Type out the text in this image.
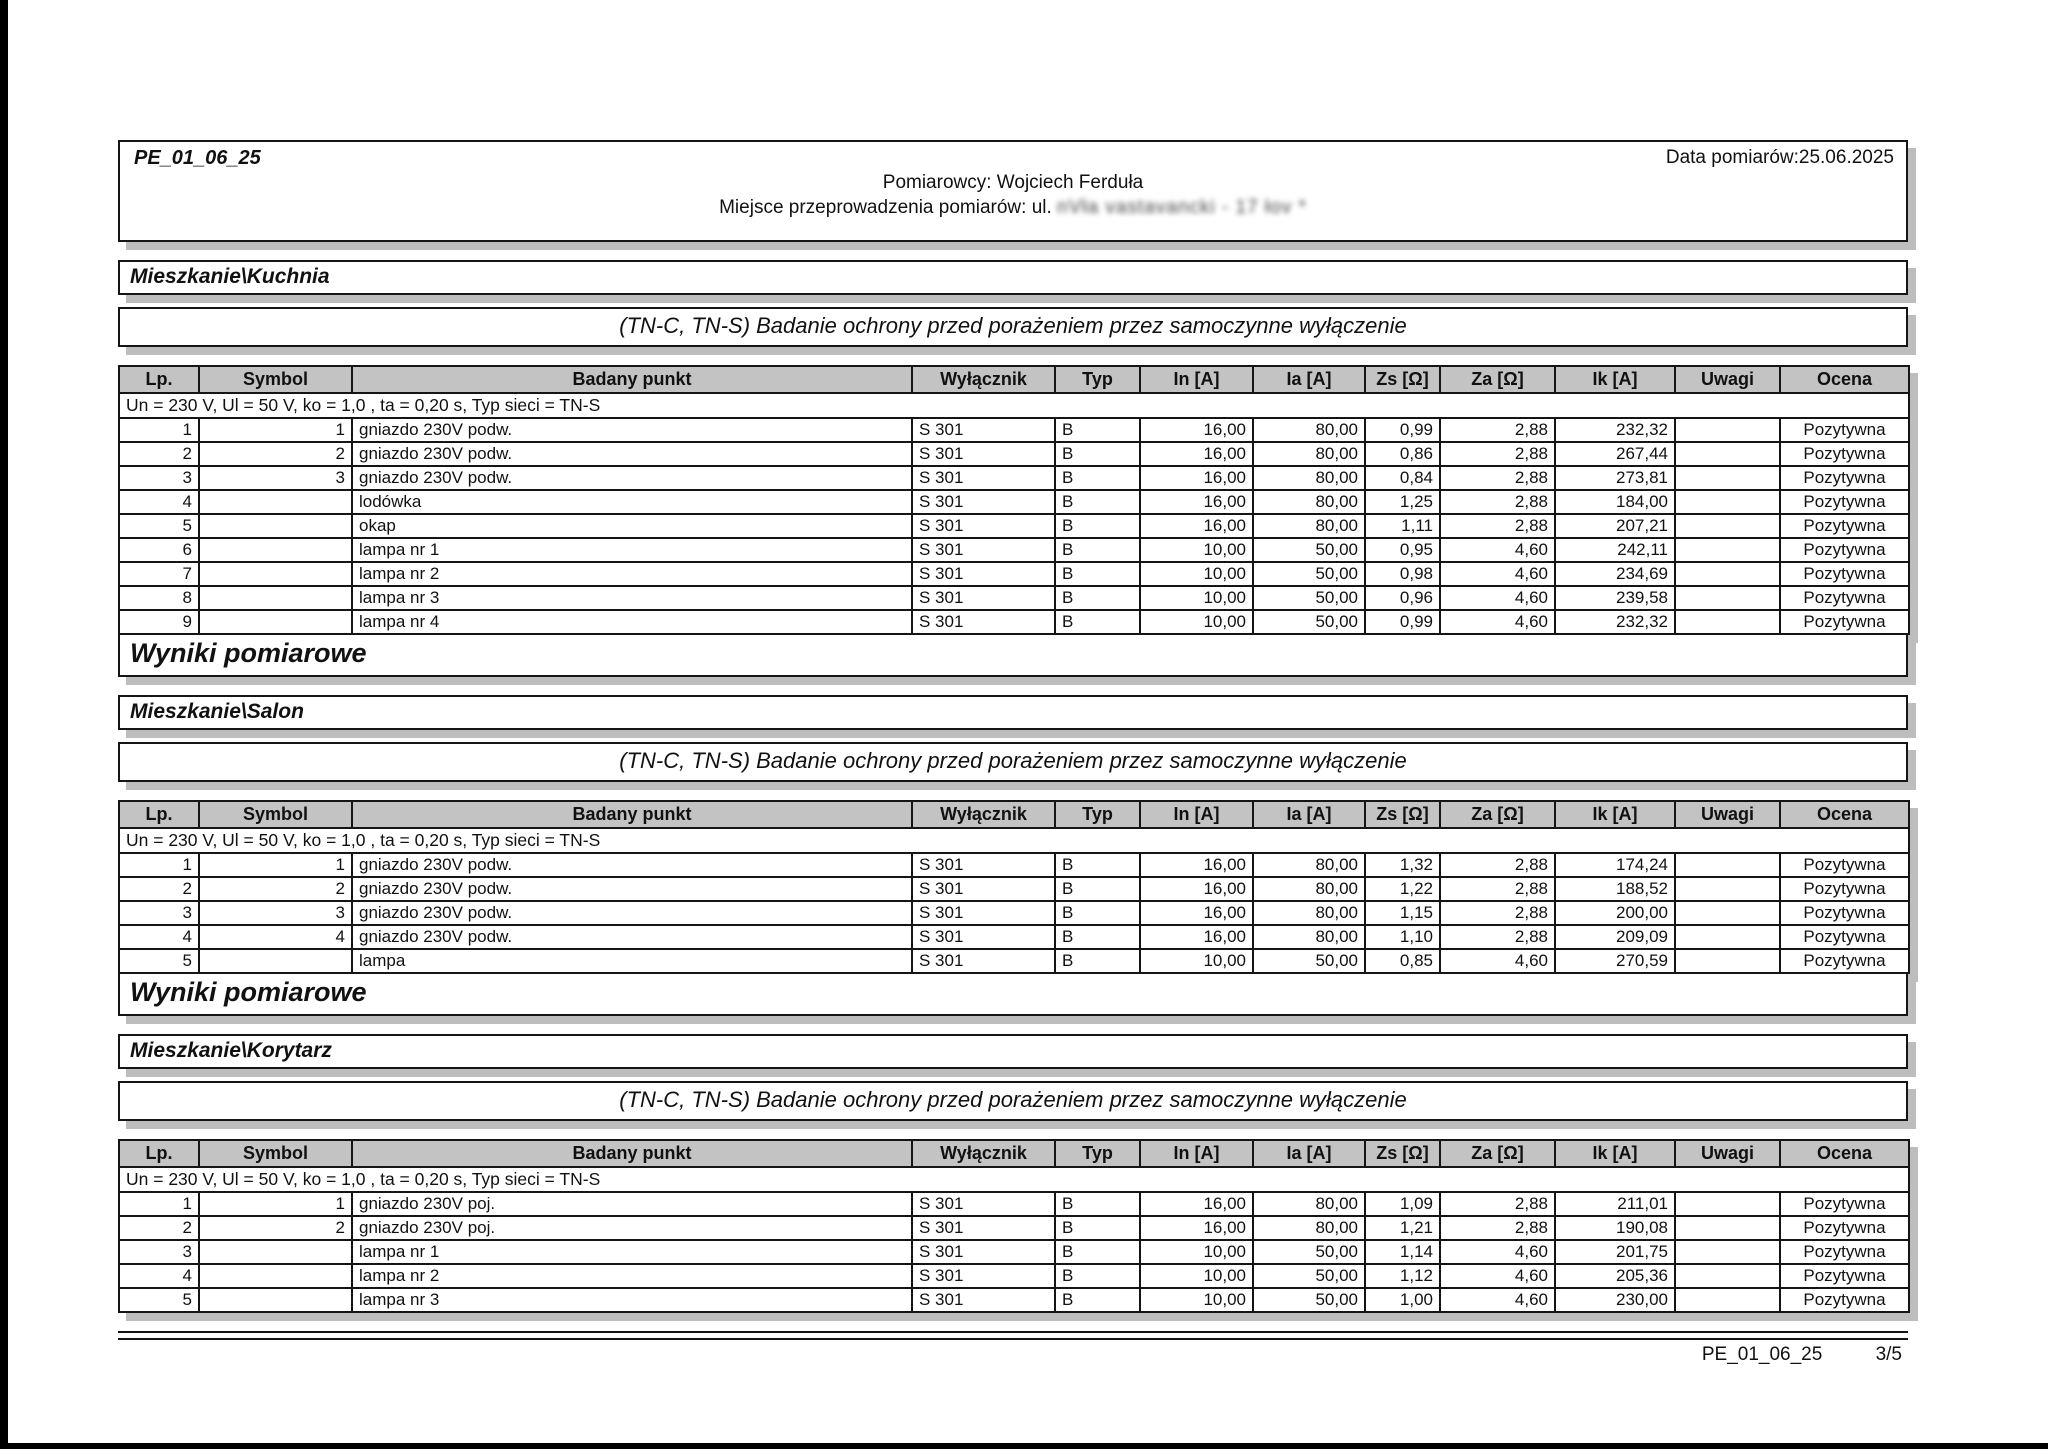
PE_01_06_25	Data pomiarów:25.06.2025
Pomiarowcy: Wojciech Ferduła
Miejsce przeprowadzenia pomiarów: ul. nVła vastavancki - 17 łov *
Mieszkanie\Kuchnia
(TN-C, TN-S) Badanie ochrony przed porażeniem przez samoczynne wyłączenie
Lp.	Symbol	Badany punkt	Wyłącznik	Typ	In [A]	Ia [A]	Zs [Ω]	Za [Ω]	Ik [A]	Uwagi	Ocena
Un = 230 V, Ul = 50 V, ko = 1,0 , ta = 0,20 s, Typ sieci = TN-S											
1	1	gniazdo 230V podw.	S 301	B	16,00	80,00	0,99	2,88	232,32		Pozytywna
2	2	gniazdo 230V podw.	S 301	B	16,00	80,00	0,86	2,88	267,44		Pozytywna
3	3	gniazdo 230V podw.	S 301	B	16,00	80,00	0,84	2,88	273,81		Pozytywna
4		lodówka	S 301	B	16,00	80,00	1,25	2,88	184,00		Pozytywna
5		okap	S 301	B	16,00	80,00	1,11	2,88	207,21		Pozytywna
6		lampa nr 1	S 301	B	10,00	50,00	0,95	4,60	242,11		Pozytywna
7		lampa nr 2	S 301	B	10,00	50,00	0,98	4,60	234,69		Pozytywna
8		lampa nr 3	S 301	B	10,00	50,00	0,96	4,60	239,58		Pozytywna
9		lampa nr 4	S 301	B	10,00	50,00	0,99	4,60	232,32		Pozytywna
Wyniki pomiarowe
Mieszkanie\Salon
(TN-C, TN-S) Badanie ochrony przed porażeniem przez samoczynne wyłączenie
Lp.	Symbol	Badany punkt	Wyłącznik	Typ	In [A]	Ia [A]	Zs [Ω]	Za [Ω]	Ik [A]	Uwagi	Ocena
Un = 230 V, Ul = 50 V, ko = 1,0 , ta = 0,20 s, Typ sieci = TN-S											
1	1	gniazdo 230V podw.	S 301	B	16,00	80,00	1,32	2,88	174,24		Pozytywna
2	2	gniazdo 230V podw.	S 301	B	16,00	80,00	1,22	2,88	188,52		Pozytywna
3	3	gniazdo 230V podw.	S 301	B	16,00	80,00	1,15	2,88	200,00		Pozytywna
4	4	gniazdo 230V podw.	S 301	B	16,00	80,00	1,10	2,88	209,09		Pozytywna
5		lampa	S 301	B	10,00	50,00	0,85	4,60	270,59		Pozytywna
Wyniki pomiarowe
Mieszkanie\Korytarz
(TN-C, TN-S) Badanie ochrony przed porażeniem przez samoczynne wyłączenie
Lp.	Symbol	Badany punkt	Wyłącznik	Typ	In [A]	Ia [A]	Zs [Ω]	Za [Ω]	Ik [A]	Uwagi	Ocena
Un = 230 V, Ul = 50 V, ko = 1,0 , ta = 0,20 s, Typ sieci = TN-S											
1	1	gniazdo 230V poj.	S 301	B	16,00	80,00	1,09	2,88	211,01		Pozytywna
2	2	gniazdo 230V poj.	S 301	B	16,00	80,00	1,21	2,88	190,08		Pozytywna
3		lampa nr 1	S 301	B	10,00	50,00	1,14	4,60	201,75		Pozytywna
4		lampa nr 2	S 301	B	10,00	50,00	1,12	4,60	205,36		Pozytywna
5		lampa nr 3	S 301	B	10,00	50,00	1,00	4,60	230,00		Pozytywna
PE_01_06_25	3/5
